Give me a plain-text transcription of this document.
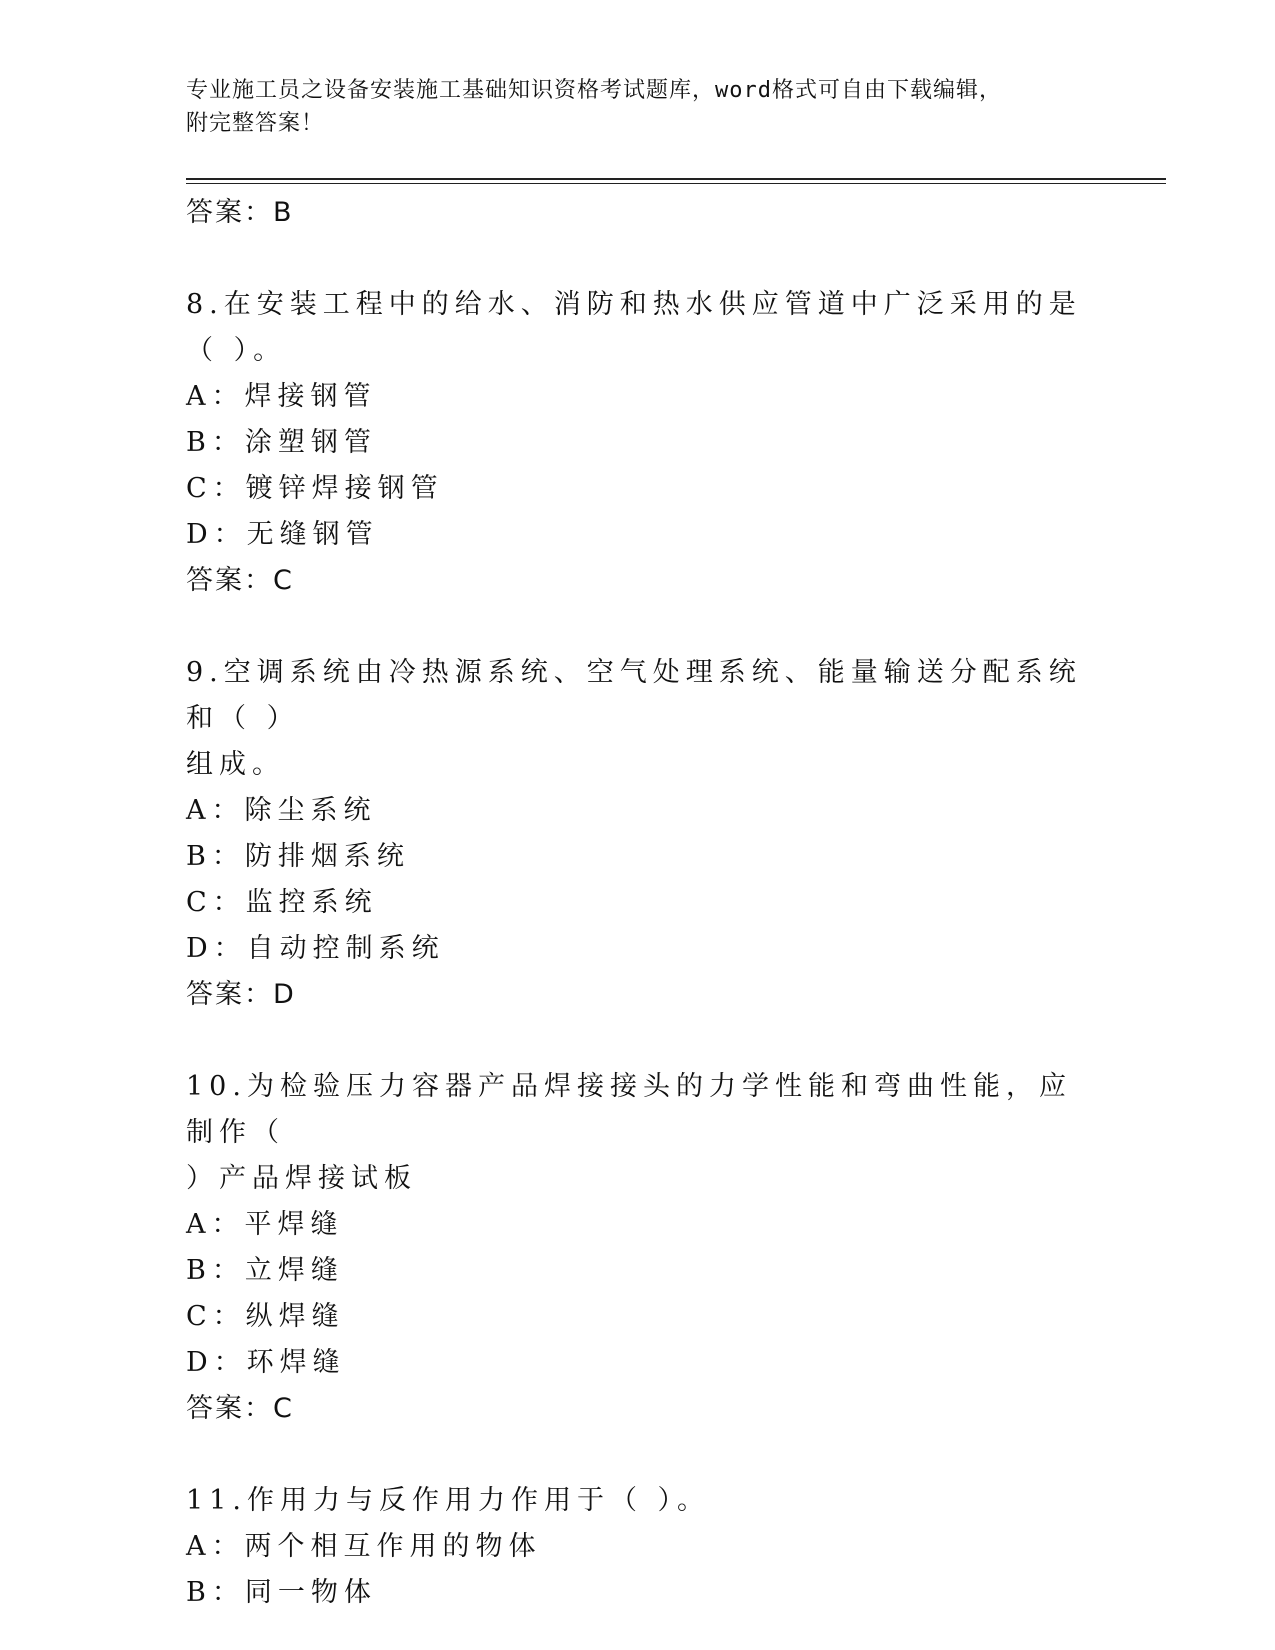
专业施工员之设备安装施工基础知识资格考试题库，word格式可自由下载编辑，
附完整答案！
答案：B
8.在安装工程中的给水、消防和热水供应管道中广泛采用的是（ ）。
A：焊接钢管
B：涂塑钢管
C：镀锌焊接钢管
D：无缝钢管
答案：C
9.空调系统由冷热源系统、空气处理系统、能量输送分配系统和（ ）
组成。
A：除尘系统
B：防排烟系统
C：监控系统
D：自动控制系统
答案：D
10.为检验压力容器产品焊接接头的力学性能和弯曲性能，应制作（
）产品焊接试板
A：平焊缝
B：立焊缝
C：纵焊缝
D：环焊缝
答案：C
11.作用力与反作用力作用于（ ）。
A：两个相互作用的物体
B：同一物体
